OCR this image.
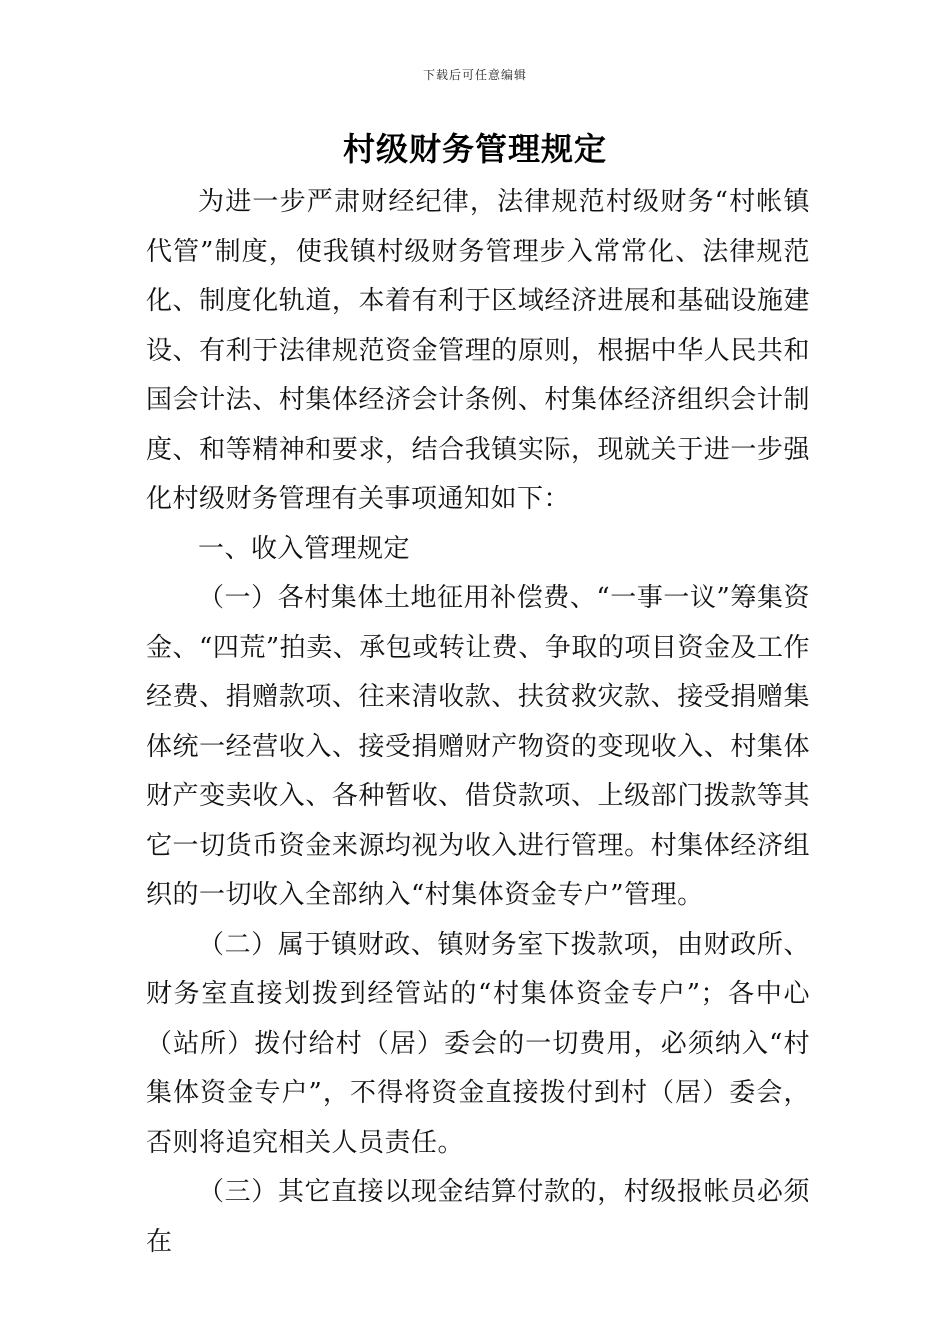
下载后可任意编辑
村级财务管理规定

为进一步严肃财经纪律，法律规范村级财务“村帐镇代管”制度，使我镇村级财务管理步入常常化、法律规范化、制度化轨道，本着有利于区域经济进展和基础设施建设、有利于法律规范资金管理的原则，根据中华人民共和国会计法、村集体经济会计条例、村集体经济组织会计制度、和等精神和要求，结合我镇实际，现就关于进一步强化村级财务管理有关事项通知如下：

一、收入管理规定

（一）各村集体土地征用补偿费、“一事一议”筹集资金、“四荒”拍卖、承包或转让费、争取的项目资金及工作经费、捐赠款项、往来清收款、扶贫救灾款、接受捐赠集体统一经营收入、接受捐赠财产物资的变现收入、村集体财产变卖收入、各种暂收、借贷款项、上级部门拨款等其它一切货币资金来源均视为收入进行管理。村集体经济组织的一切收入全部纳入“村集体资金专户”管理。

（二）属于镇财政、镇财务室下拨款项，由财政所、财务室直接划拨到经管站的“村集体资金专户”；各中心（站所）拨付给村（居）委会的一切费用，必须纳入“村集体资金专户”，不得将资金直接拨付到村（居）委会，否则将追究相关人员责任。

（三）其它直接以现金结算付款的，村级报帐员必须在
